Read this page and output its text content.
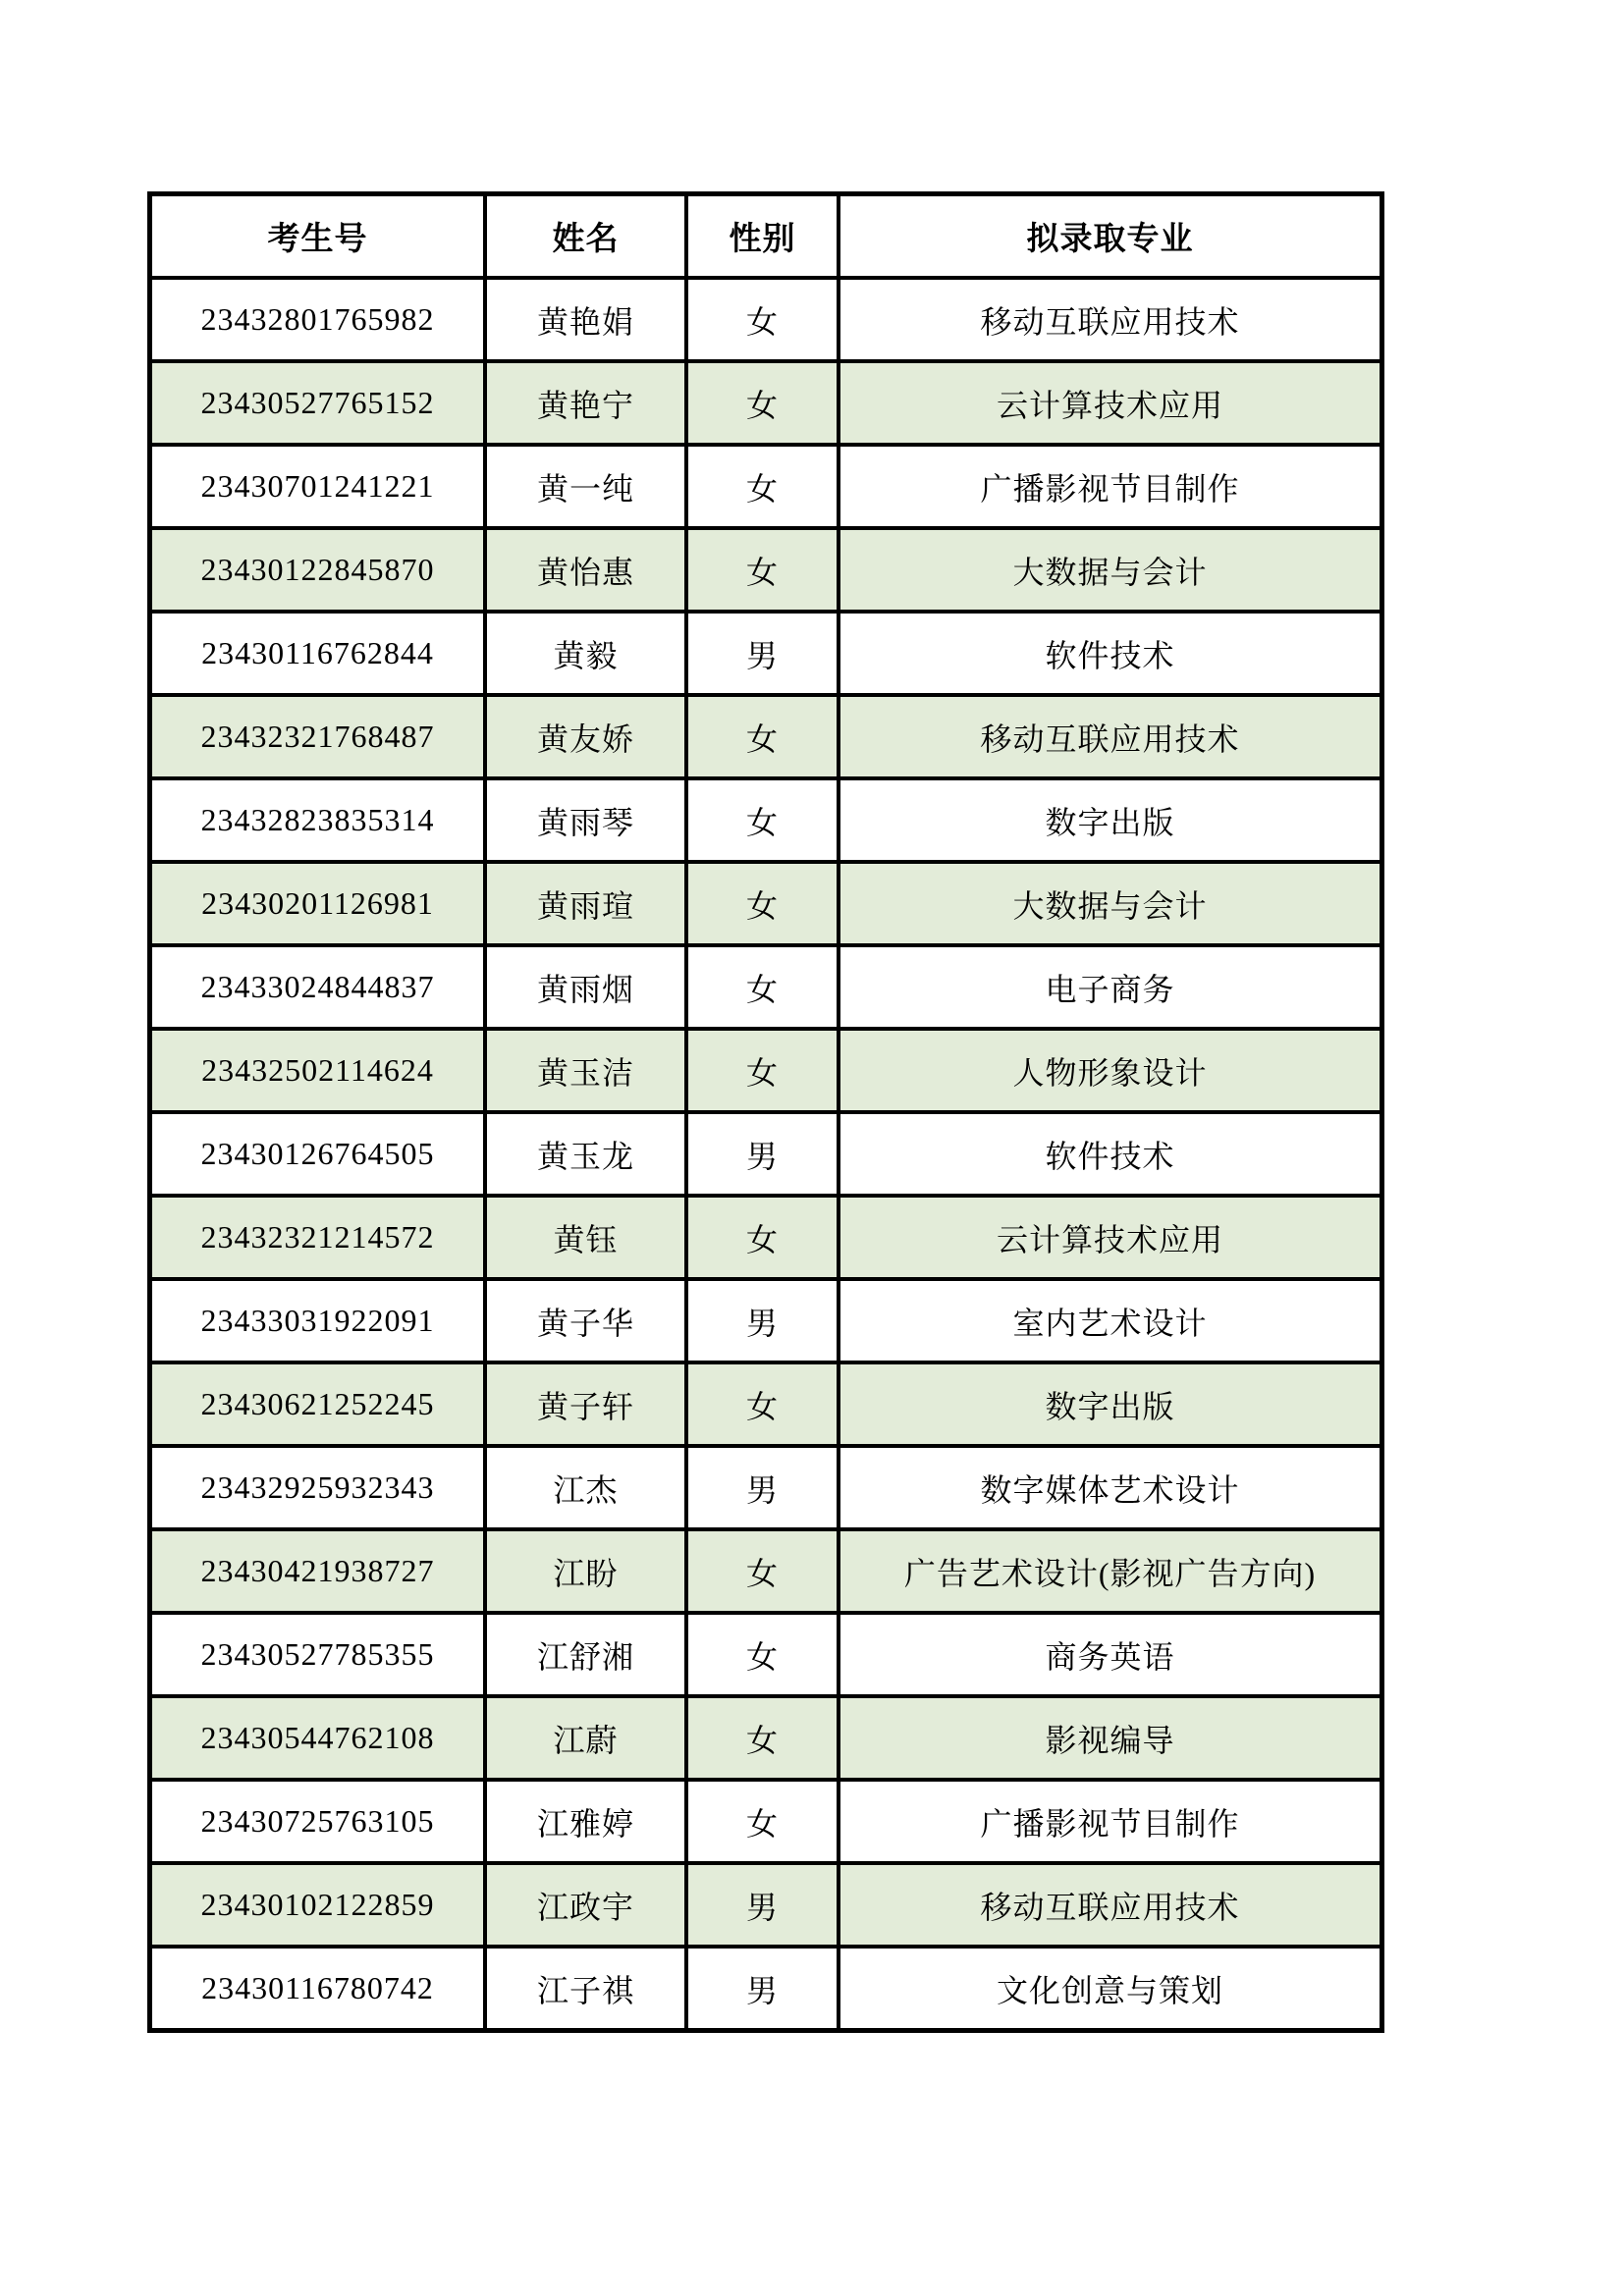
考生号	姓名	性别	拟录取专业
23432801765982	黄艳娟	女	移动互联应用技术
23430527765152	黄艳宁	女	云计算技术应用
23430701241221	黄一纯	女	广播影视节目制作
23430122845870	黄怡惠	女	大数据与会计
23430116762844	黄毅	男	软件技术
23432321768487	黄友娇	女	移动互联应用技术
23432823835314	黄雨琴	女	数字出版
23430201126981	黄雨瑄	女	大数据与会计
23433024844837	黄雨烟	女	电子商务
23432502114624	黄玉洁	女	人物形象设计
23430126764505	黄玉龙	男	软件技术
23432321214572	黄钰	女	云计算技术应用
23433031922091	黄子华	男	室内艺术设计
23430621252245	黄子轩	女	数字出版
23432925932343	江杰	男	数字媒体艺术设计
23430421938727	江盼	女	广告艺术设计(影视广告方向)
23430527785355	江舒湘	女	商务英语
23430544762108	江蔚	女	影视编导
23430725763105	江雅婷	女	广播影视节目制作
23430102122859	江政宇	男	移动互联应用技术
23430116780742	江子祺	男	文化创意与策划
